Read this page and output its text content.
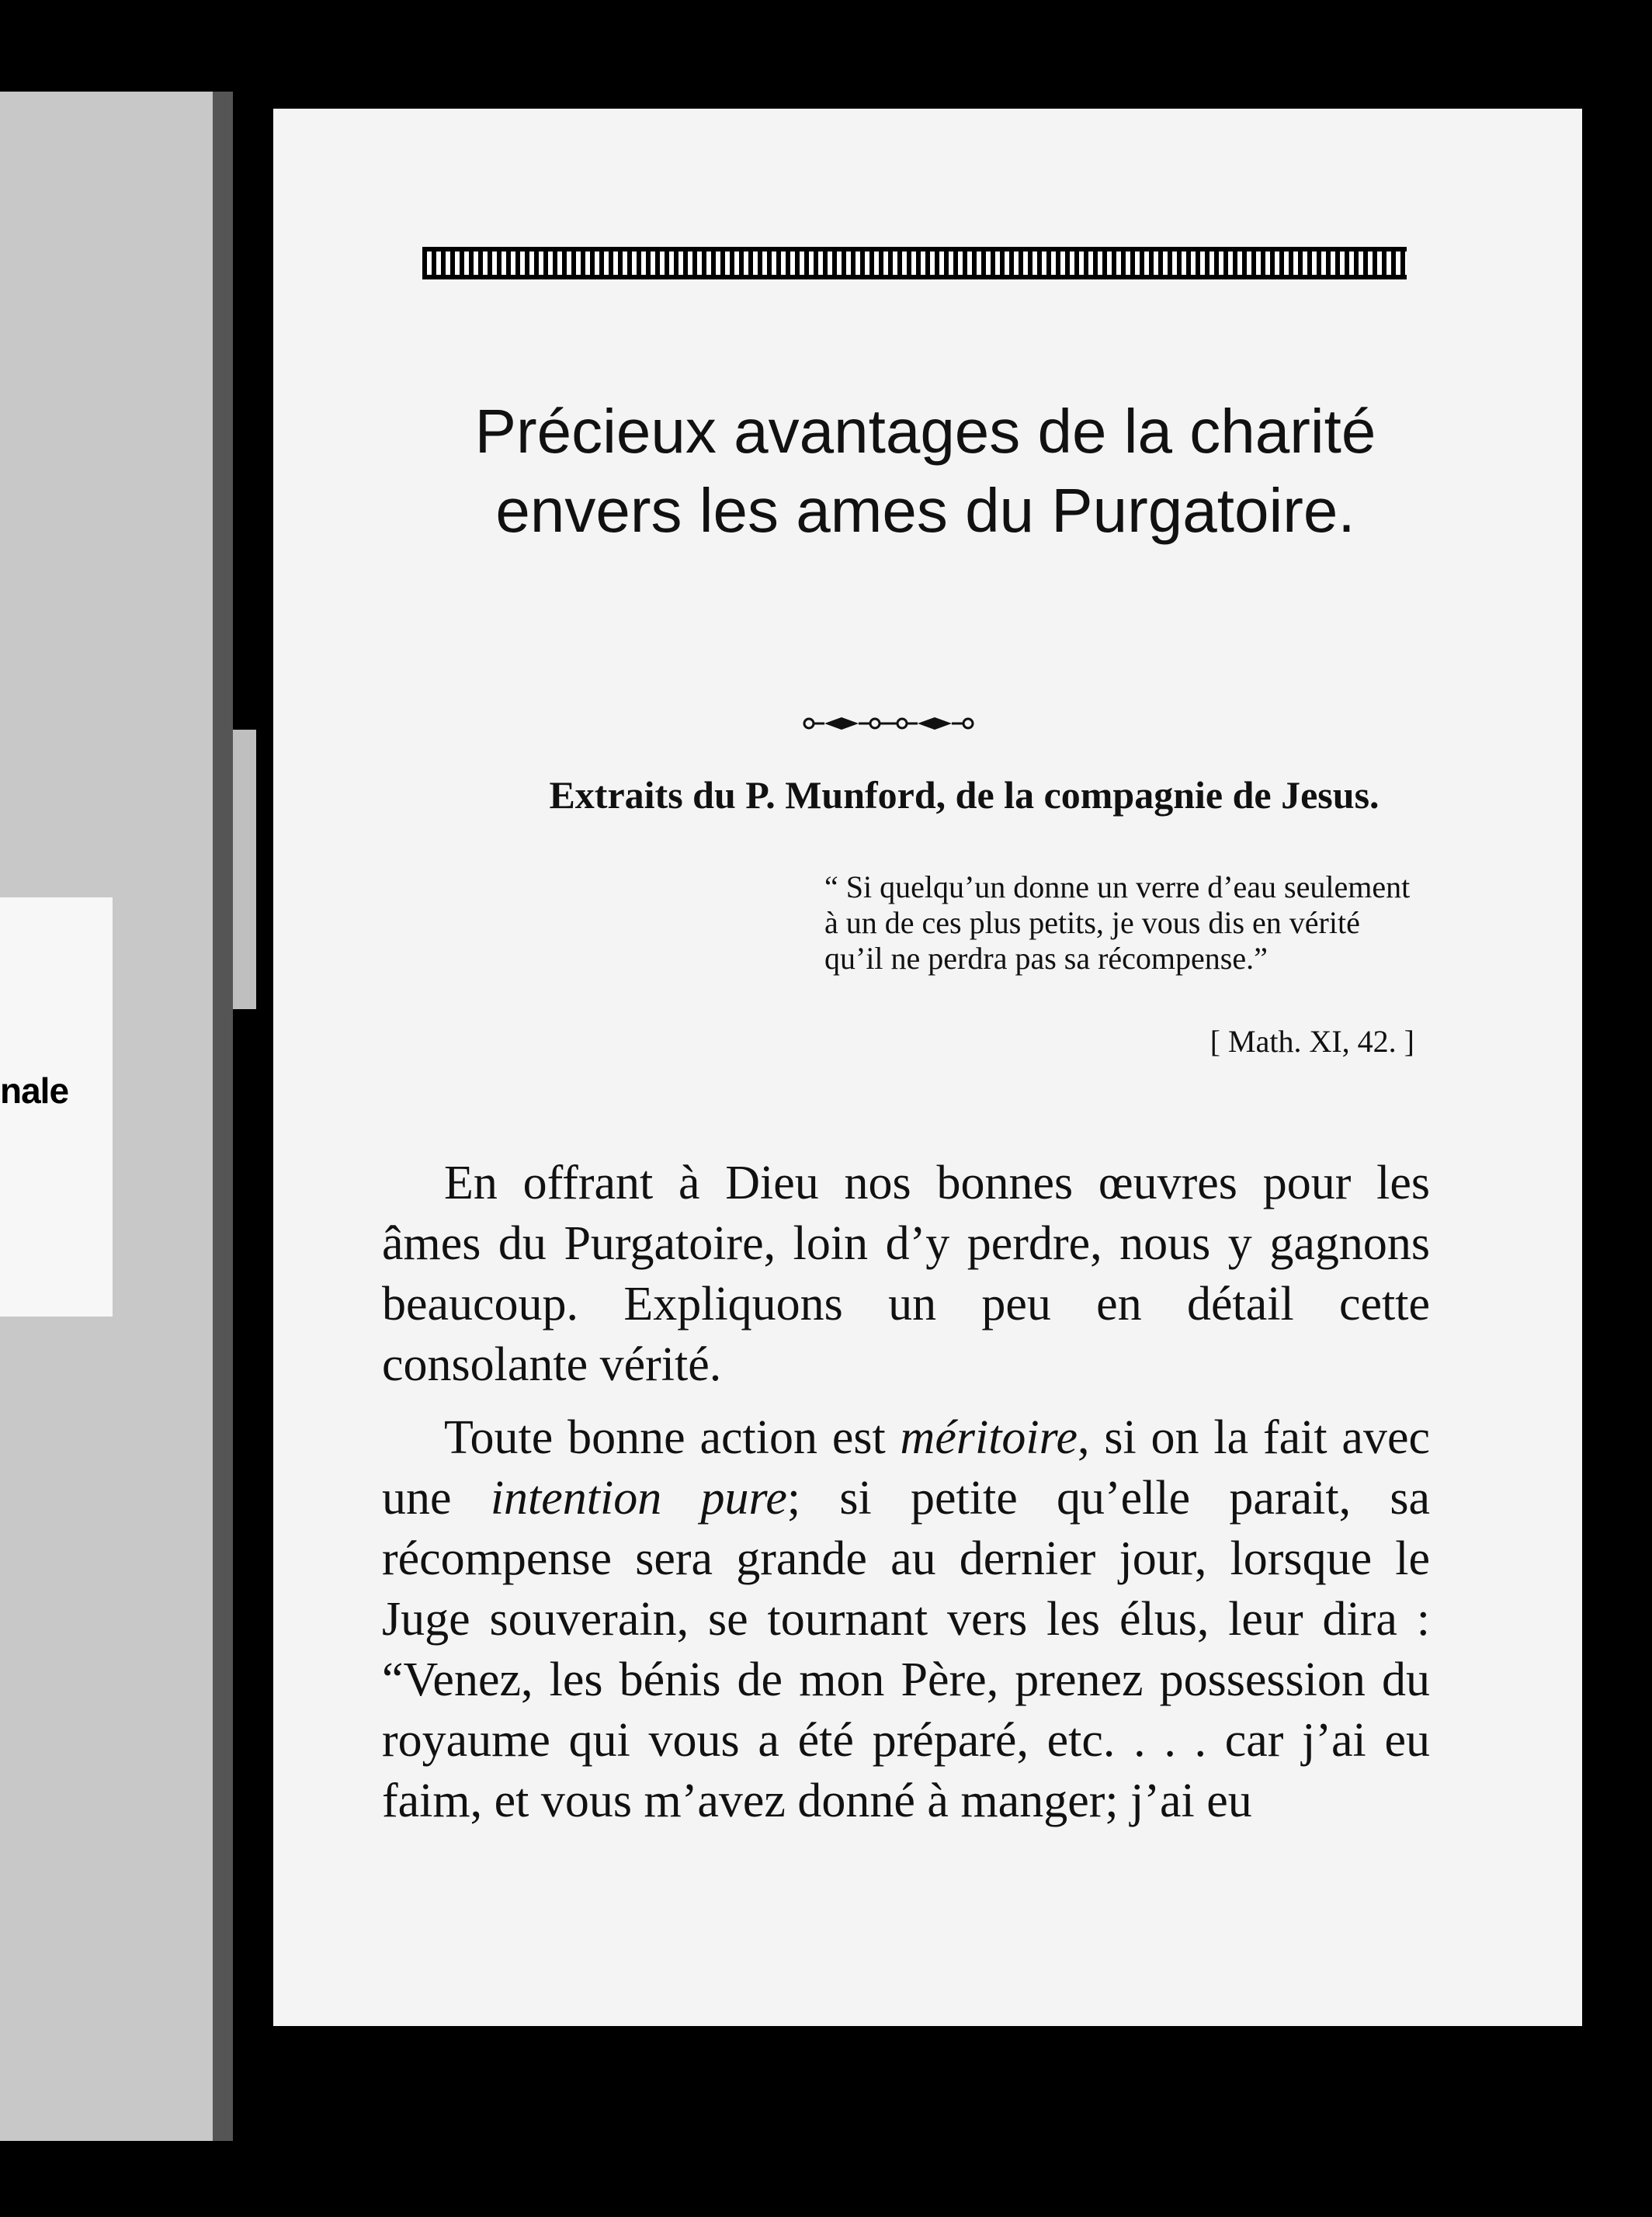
nale
Précieux avantages de la charité
envers les ames du Purgatoire.
Extraits du P. Munford, de la compagnie de Jesus.
“ Si quelqu’un donne un verre d’eau seulement à un de ces plus petits, je vous dis en vérité qu’il ne perdra pas sa récompense.”
[ Math. XI, 42. ]

En offrant à Dieu nos bonnes œuvres pour les âmes du Purgatoire, loin d’y perdre, nous y gagnons beaucoup. Expliquons un peu en détail cette consolante vérité.

Toute bonne action est méritoire, si on la fait avec une intention pure; si petite qu’elle parait, sa récompense sera grande au dernier jour, lorsque le Juge souverain, se tournant vers les élus, leur dira : “Venez, les bénis de mon Père, prenez possession du royaume qui vous a été préparé, etc. . . . car j’ai eu faim, et vous m’avez donné à manger; j’ai eu
